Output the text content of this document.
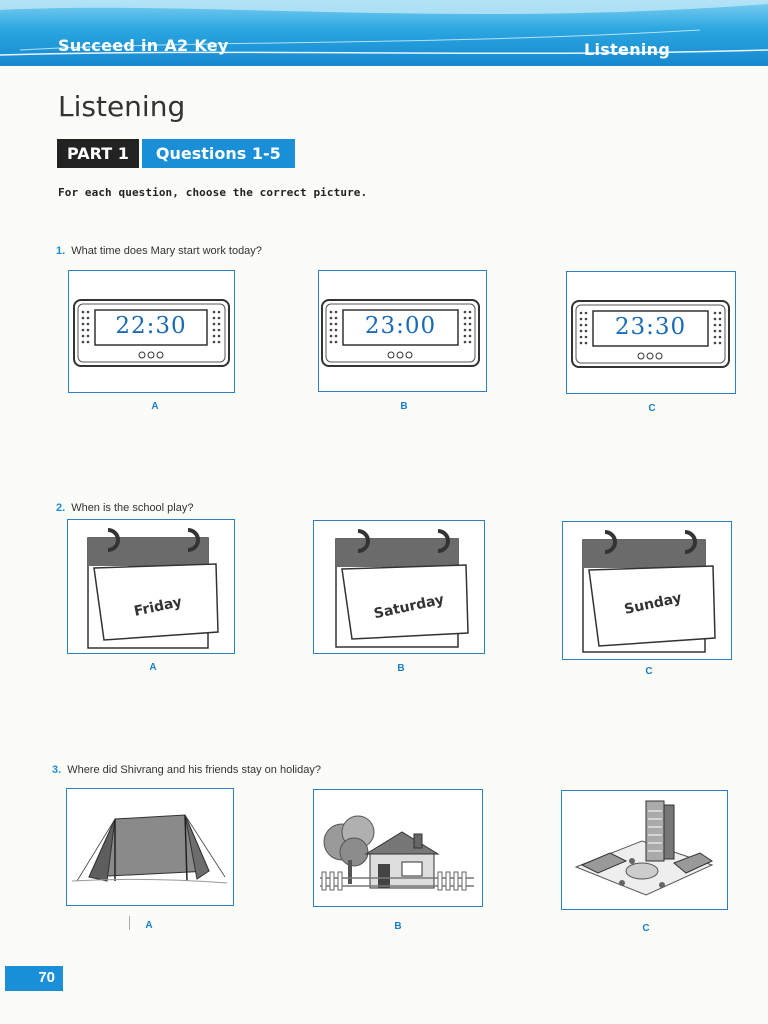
Succeed in A2 Key	Listening
Listening
PART 1	Questions 1-5
For each question, choose the correct picture.
1. What time does Mary start work today?
22:30
A
23:00
B
23:30
C
2. When is the school play?
Friday
A
Saturday
B
Sunday
C
3. Where did Shivrang and his friends stay on holiday?
A	B	C
70
